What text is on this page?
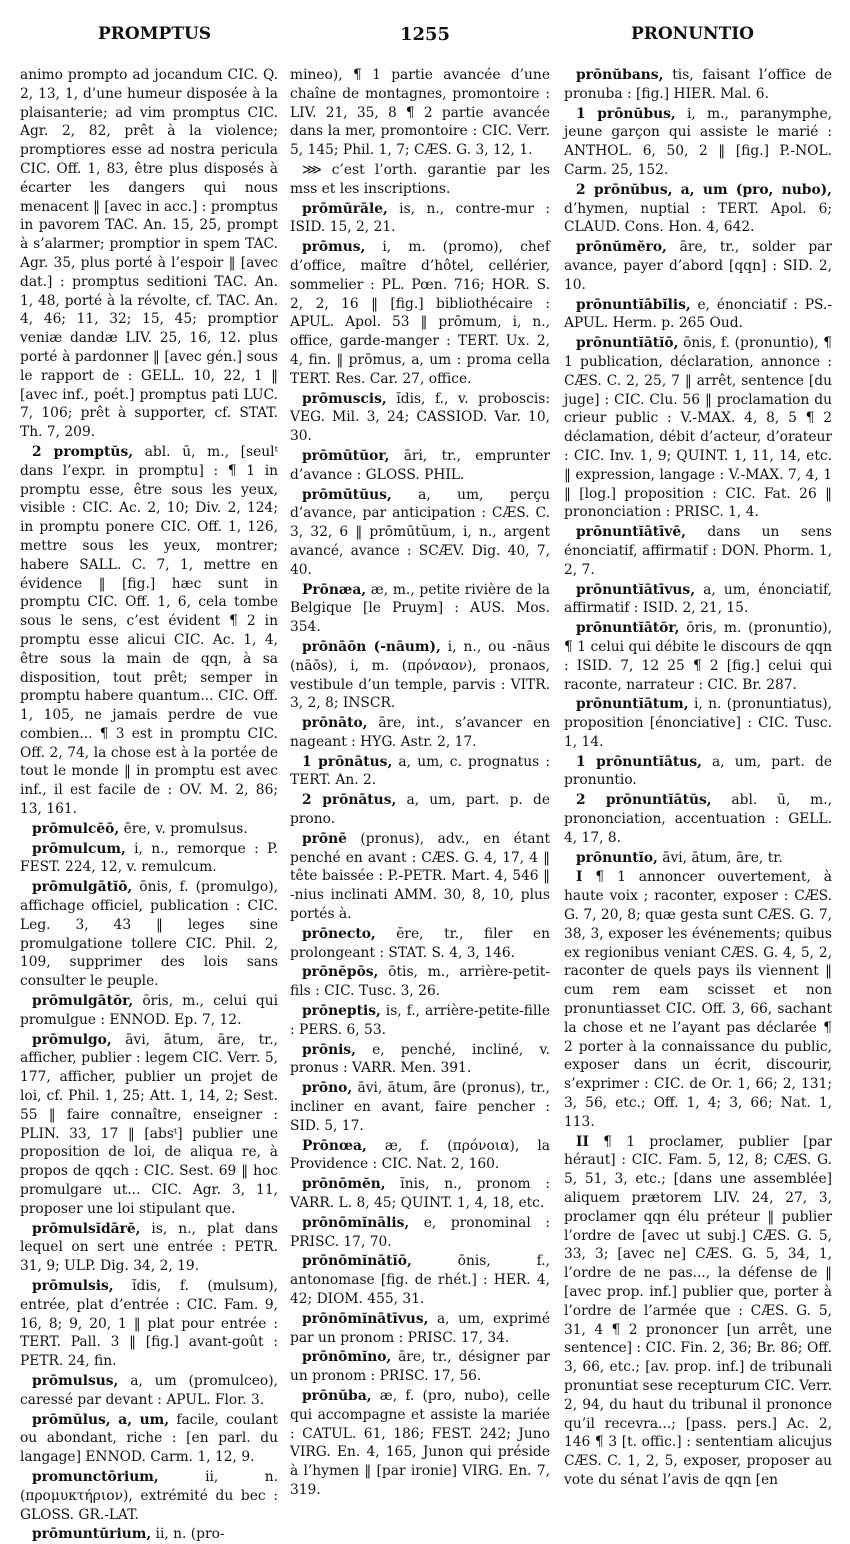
PROMPTUS	1255	PRONUNTIO

animo prompto ad jocandum CIC. Q. 2, 13, 1, d’une humeur disposée à la plaisanterie; ad vim promptus CIC. Agr. 2, 82, prêt à la violence; promptiores esse ad nostra pericula CIC. Off. 1, 83, être plus disposés à écarter les dangers qui nous menacent ‖ [avec in acc.] : promptus in pavorem TAC. An. 15, 25, prompt à s’alarmer; promptior in spem TAC. Agr. 35, plus porté à l’espoir ‖ [avec dat.] : promptus seditioni TAC. An. 1, 48, porté à la révolte, cf. TAC. An. 4, 46; 11, 32; 15, 45; promptior veniæ dandæ LIV. 25, 16, 12. plus porté à pardonner ‖ [avec gén.] sous le rapport de : GELL. 10, 22, 1 ‖ [avec inf., poét.] promptus pati LUC. 7, 106; prêt à supporter, cf. STAT. Th. 7, 209.

2 promptŭs, abl. ū, m., [seulᵗ dans l’expr. in promptu] : ¶ 1 in promptu esse, être sous les yeux, visible : CIC. Ac. 2, 10; Div. 2, 124; in promptu ponere CIC. Off. 1, 126, mettre sous les yeux, montrer; habere SALL. C. 7, 1, mettre en évidence ‖ [fig.] hæc sunt in promptu CIC. Off. 1, 6, cela tombe sous le sens, c’est évident ¶ 2 in promptu esse alicui CIC. Ac. 1, 4, être sous la main de qqn, à sa disposition, tout prêt; semper in promptu habere quantum... CIC. Off. 1, 105, ne jamais perdre de vue combien... ¶ 3 est in promptu CIC. Off. 2, 74, la chose est à la portée de tout le monde ‖ in promptu est avec inf., il est facile de : OV. M. 2, 86; 13, 161.

prōmulcĕō, ēre, v. promulsus.

prōmulcum, i, n., remorque : P. FEST. 224, 12, v. remulcum.

prōmulgātĭō, ōnis, f. (promulgo), affichage officiel, publication : CIC. Leg. 3, 43 ‖ leges sine promulgatione tollere CIC. Phil. 2, 109, supprimer des lois sans consulter le peuple.

prōmulgātŏr, ōris, m., celui qui promulgue : ENNOD. Ep. 7, 12.

prōmulgo, āvi, ātum, āre, tr., afficher, publier : legem CIC. Verr. 5, 177, afficher, publier un projet de loi, cf. Phil. 1, 25; Att. 1, 14, 2; Sest. 55 ‖ faire connaître, enseigner : PLIN. 33, 17 ‖ [absᵗ] publier une proposition de loi, de aliqua re, à propos de qqch : CIC. Sest. 69 ‖ hoc promulgare ut... CIC. Agr. 3, 11, proposer une loi stipulant que.

prōmulsĭdārĕ, is, n., plat dans lequel on sert une entrée : PETR. 31, 9; ULP. Dig. 34, 2, 19.

prōmulsis, ĭdis, f. (mulsum), entrée, plat d’entrée : CIC. Fam. 9, 16, 8; 9, 20, 1 ‖ plat pour entrée : TERT. Pall. 3 ‖ [fig.] avant-goût : PETR. 24, fin.

prōmulsus, a, um (promulceo), caressé par devant : APUL. Flor. 3.

prōmŭlus, a, um, facile, coulant ou abondant, riche : [en parl. du langage] ENNOD. Carm. 1, 12, 9.

promunctōrium, ii, n. (προμυκτήριον), extrémité du bec : GLOSS. GR.-LAT.

prōmuntŭrium, ii, n. (pro-

mineo), ¶ 1 partie avancée d’une chaîne de montagnes, promontoire : LIV. 21, 35, 8 ¶ 2 partie avancée dans la mer, promontoire : CIC. Verr. 5, 145; Phil. 1, 7; CÆS. G. 3, 12, 1.

⋙ c’est l’orth. garantie par les mss et les inscriptions.

prōmūrāle, is, n., contre-mur : ISID. 15, 2, 21.

prōmus, i, m. (promo), chef d’office, maître d’hôtel, cellérier, sommelier : PL. Pœn. 716; HOR. S. 2, 2, 16 ‖ [fig.] bibliothécaire : APUL. Apol. 53 ‖ prōmum, i, n., office, garde-manger : TERT. Ux. 2, 4, fin. ‖ prōmus, a, um : proma cella TERT. Res. Car. 27, office.

prōmuscis, ĭdis, f., v. proboscis: VEG. Mil. 3, 24; CASSIOD. Var. 10, 30.

prōmūtŭor, āri, tr., emprunter d’avance : GLOSS. PHIL.

prōmūtŭus, a, um, perçu d’avance, par anticipation : CÆS. C. 3, 32, 6 ‖ prōmūtŭum, i, n., argent avancé, avance : SCÆV. Dig. 40, 7, 40.

Prōnæa, æ, m., petite rivière de la Belgique [le Pruym] : AUS. Mos. 354.

prōnāōn (-nāum), i, n., ou -nāus (nāōs), i, m. (πρόναον), pronaos, vestibule d’un temple, parvis : VITR. 3, 2, 8; INSCR.

prōnāto, āre, int., s’avancer en nageant : HYG. Astr. 2, 17.

1 prōnātus, a, um, c. prognatus : TERT. An. 2.

2 prōnātus, a, um, part. p. de prono.

prōnē (pronus), adv., en étant penché en avant : CÆS. G. 4, 17, 4 ‖ tête baissée : P.-PETR. Mart. 4, 546 ‖ -nius inclinati AMM. 30, 8, 10, plus portés à.

prōnecto, ĕre, tr., filer en prolongeant : STAT. S. 4, 3, 146.

prōnĕpōs, ōtis, m., arrière-petit-fils : CIC. Tusc. 3, 26.

prōneptis, is, f., arrière-petite-fille : PERS. 6, 53.

prōnis, e, penché, incliné, v. pronus : VARR. Men. 391.

prōno, āvi, ātum, āre (pronus), tr., incliner en avant, faire pencher : SID. 5, 17.

Prōnœa, æ, f. (πρόνοια), la Providence : CIC. Nat. 2, 160.

prōnōmĕn, ĭnis, n., pronom : VARR. L. 8, 45; QUINT. 1, 4, 18, etc.

prōnōmĭnālis, e, pronominal : PRISC. 17, 70.

prōnōmĭnātĭō, ōnis, f., antonomase [fig. de rhét.] : HER. 4, 42; DIOM. 455, 31.

prōnōmĭnātīvus, a, um, exprimé par un pronom : PRISC. 17, 34.

prōnōmĭno, āre, tr., désigner par un pronom : PRISC. 17, 56.

prōnŭba, æ, f. (pro, nubo), celle qui accompagne et assiste la mariée : CATUL. 61, 186; FEST. 242; Juno VIRG. En. 4, 165, Junon qui préside à l’hymen ‖ [par ironie] VIRG. En. 7, 319.

prōnŭbans, tis, faisant l’office de pronuba : [fig.] HIER. Mal. 6.

1 prōnŭbus, i, m., paranymphe, jeune garçon qui assiste le marié : ANTHOL. 6, 50, 2 ‖ [fig.] P.-NOL. Carm. 25, 152.

2 prōnŭbus, a, um (pro, nubo), d’hymen, nuptial : TERT. Apol. 6; CLAUD. Cons. Hon. 4, 642.

prōnŭmĕro, āre, tr., solder par avance, payer d’abord [qqn] : SID. 2, 10.

prōnuntĭābĭlis, e, énonciatif : PS.-APUL. Herm. p. 265 Oud.

prōnuntĭātĭō, ōnis, f. (pronuntio), ¶ 1 publication, déclaration, annonce : CÆS. C. 2, 25, 7 ‖ arrêt, sentence [du juge] : CIC. Clu. 56 ‖ proclamation du crieur public : V.-MAX. 4, 8, 5 ¶ 2 déclamation, débit d’acteur, d’orateur : CIC. Inv. 1, 9; QUINT. 1, 11, 14, etc. ‖ expression, langage : V.-MAX. 7, 4, 1 ‖ [log.] proposition : CIC. Fat. 26 ‖ prononciation : PRISC. 1, 4.

prōnuntĭātīvē, dans un sens énonciatif, affirmatif : DON. Phorm. 1, 2, 7.

prōnuntĭātīvus, a, um, énonciatif, affirmatif : ISID. 2, 21, 15.

prōnuntĭātŏr, ōris, m. (pronuntio), ¶ 1 celui qui débite le discours de qqn : ISID. 7, 12 25 ¶ 2 [fig.] celui qui raconte, narrateur : CIC. Br. 287.

prōnuntĭātum, i, n. (pronuntiatus), proposition [énonciative] : CIC. Tusc. 1, 14.

1 prōnuntĭātus, a, um, part. de pronuntio.

2 prōnuntĭātŭs, abl. ū, m., prononciation, accentuation : GELL. 4, 17, 8.

prōnuntĭo, āvi, ātum, āre, tr.

I ¶ 1 annoncer ouvertement, à haute voix ; raconter, exposer : CÆS. G. 7, 20, 8; quæ gesta sunt CÆS. G. 7, 38, 3, exposer les événements; quibus ex regionibus veniant CÆS. G. 4, 5, 2, raconter de quels pays ils viennent ‖ cum rem eam scisset et non pronuntiasset CIC. Off. 3, 66, sachant la chose et ne l’ayant pas déclarée ¶ 2 porter à la connaissance du public, exposer dans un écrit, discourir, s’exprimer : CIC. de Or. 1, 66; 2, 131; 3, 56, etc.; Off. 1, 4; 3, 66; Nat. 1, 113.

II ¶ 1 proclamer, publier [par héraut] : CIC. Fam. 5, 12, 8; CÆS. G. 5, 51, 3, etc.; [dans une assemblée] aliquem prætorem LIV. 24, 27, 3, proclamer qqn élu préteur ‖ publier l’ordre de [avec ut subj.] CÆS. G. 5, 33, 3; [avec ne] CÆS. G. 5, 34, 1, l’ordre de ne pas..., la défense de ‖ [avec prop. inf.] publier que, porter à l’ordre de l’armée que : CÆS. G. 5, 31, 4 ¶ 2 prononcer [un arrêt, une sentence] : CIC. Fin. 2, 36; Br. 86; Off. 3, 66, etc.; [av. prop. inf.] de tribunali pronuntiat sese recepturum CIC. Verr. 2, 94, du haut du tribunal il prononce qu’il recevra...; [pass. pers.] Ac. 2, 146 ¶ 3 [t. offic.] : sententiam alicujus CÆS. C. 1, 2, 5, exposer, proposer au vote du sénat l’avis de qqn [en
